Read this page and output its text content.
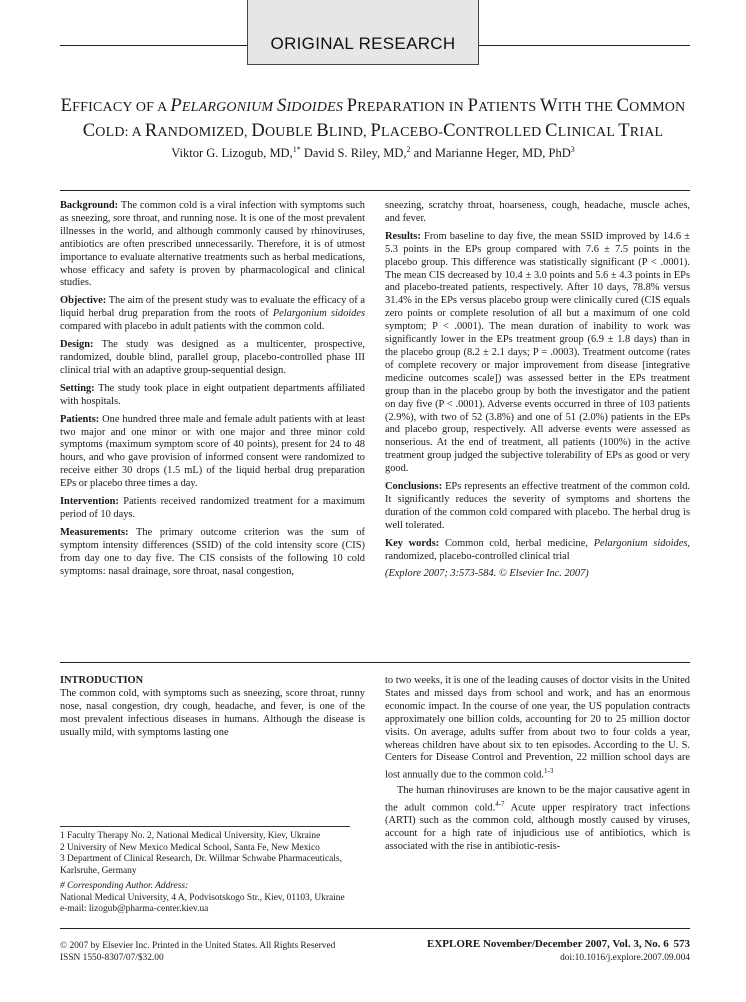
ORIGINAL RESEARCH
EFFICACY OF A PELARGONIUM SIDOIDES PREPARATION IN PATIENTS WITH THE COMMON
COLD: A RANDOMIZED, DOUBLE BLIND, PLACEBO-CONTROLLED CLINICAL TRIAL
Viktor G. Lizogub, MD,$^{1*}$ David S. Riley, MD,$^2$ and Marianne Heger, MD, PhD$^3$

Background: The common cold is a viral infection with symptoms such as sneezing, sore throat, and running nose. It is one of the most prevalent illnesses in the world, and although commonly caused by rhinoviruses, antibiotics are often prescribed unnecessarily. Therefore, it is of utmost importance to evaluate alternative treatments such as herbal medications, whose efficacy and safety is proven by pharmacological and clinical studies.

Objective: The aim of the present study was to evaluate the efficacy of a liquid herbal drug preparation from the roots of Pelargonium sidoides compared with placebo in adult patients with the common cold.

Design: The study was designed as a multicenter, prospective, randomized, double blind, parallel group, placebo-controlled phase III clinical trial with an adaptive group-sequential design.

Setting: The study took place in eight outpatient departments affiliated with hospitals.

Patients: One hundred three male and female adult patients with at least two major and one minor or with one major and three minor cold symptoms (maximum symptom score of 40 points), present for 24 to 48 hours, and who gave provision of informed consent were randomized to receive either 30 drops (1.5 mL) of the liquid herbal drug preparation EPs or placebo three times a day.

Intervention: Patients received randomized treatment for a maximum period of 10 days.

Measurements: The primary outcome criterion was the sum of symptom intensity differences (SSID) of the cold intensity score (CIS) from day one to day five. The CIS consists of the following 10 cold symptoms: nasal drainage, sore throat, nasal congestion,

sneezing, scratchy throat, hoarseness, cough, headache, muscle aches, and fever.

Results: From baseline to day five, the mean SSID improved by 14.6 ± 5.3 points in the EPs group compared with 7.6 ± 7.5 points in the placebo group. This difference was statistically significant (P < .0001). The mean CIS decreased by 10.4 ± 3.0 points and 5.6 ± 4.3 points in EPs and placebo-treated patients, respectively. After 10 days, 78.8% versus 31.4% in the EPs versus placebo group were clinically cured (CIS equals zero points or complete resolution of all but a maximum of one cold symptom; P < .0001). The mean duration of inability to work was significantly lower in the EPs treatment group (6.9 ± 1.8 days) than in the placebo group (8.2 ± 2.1 days; P = .0003). Treatment outcome (rates of complete recovery or major improvement from disease [integrative medicine outcomes scale]) was assessed better in the EPs treatment group than in the placebo group by both the investigator and the patient on day five (P < .0001). Adverse events occurred in three of 103 patients (2.9%), with two of 52 (3.8%) and one of 51 (2.0%) patients in the EPs and placebo group, respectively. All adverse events were assessed as nonserious. At the end of treatment, all patients (100%) in the active treatment group judged the subjective tolerability of EPs as good or very good.

Conclusions: EPs represents an effective treatment of the common cold. It significantly reduces the severity of symptoms and shortens the duration of the common cold compared with placebo. The herbal drug is well tolerated.

Key words: Common cold, herbal medicine, Pelargonium sidoides, randomized, placebo-controlled clinical trial

(Explore 2007; 3:573-584. © Elsevier Inc. 2007)

INTRODUCTION

The common cold, with symptoms such as sneezing, score throat, runny nose, nasal congestion, dry cough, headache, and fever, is one of the most prevalent infectious diseases in humans. Although the disease is usually mild, with symptoms lasting one

1 Faculty Therapy No. 2, National Medical University, Kiev, Ukraine
2 University of New Mexico Medical School, Santa Fe, New Mexico
3 Department of Clinical Research, Dr. Willmar Schwabe Pharmaceuticals, Karlsruhe, Germany
# Corresponding Author. Address:
National Medical University, 4 A, Podvisotskogo Str., Kiev, 01103, Ukraine
e-mail: lizogub@pharma-center.kiev.ua

to two weeks, it is one of the leading causes of doctor visits in the United States and missed days from school and work, and has an enormous economic impact. In the course of one year, the US population contracts approximately one billion colds, accounting for 20 to 25 million doctor visits. On average, adults suffer from about two to four colds a year, whereas children have about six to ten episodes. According to the U. S. Centers for Disease Control and Prevention, 22 million school days are lost annually due to the common cold.$^{1-3}$

The human rhinoviruses are known to be the major causative agent in the adult common cold.$^{4-7}$ Acute upper respiratory tract infections (ARTI) such as the common cold, although mostly caused by viruses, account for a high rate of injudicious use of antibiotics, which is associated with the rise in antibiotic-resis-

© 2007 by Elsevier Inc. Printed in the United States. All Rights Reserved
ISSN 1550-8307/07/$32.00
EXPLORE November/December 2007, Vol. 3, No. 6 573
doi:10.1016/j.explore.2007.09.004
